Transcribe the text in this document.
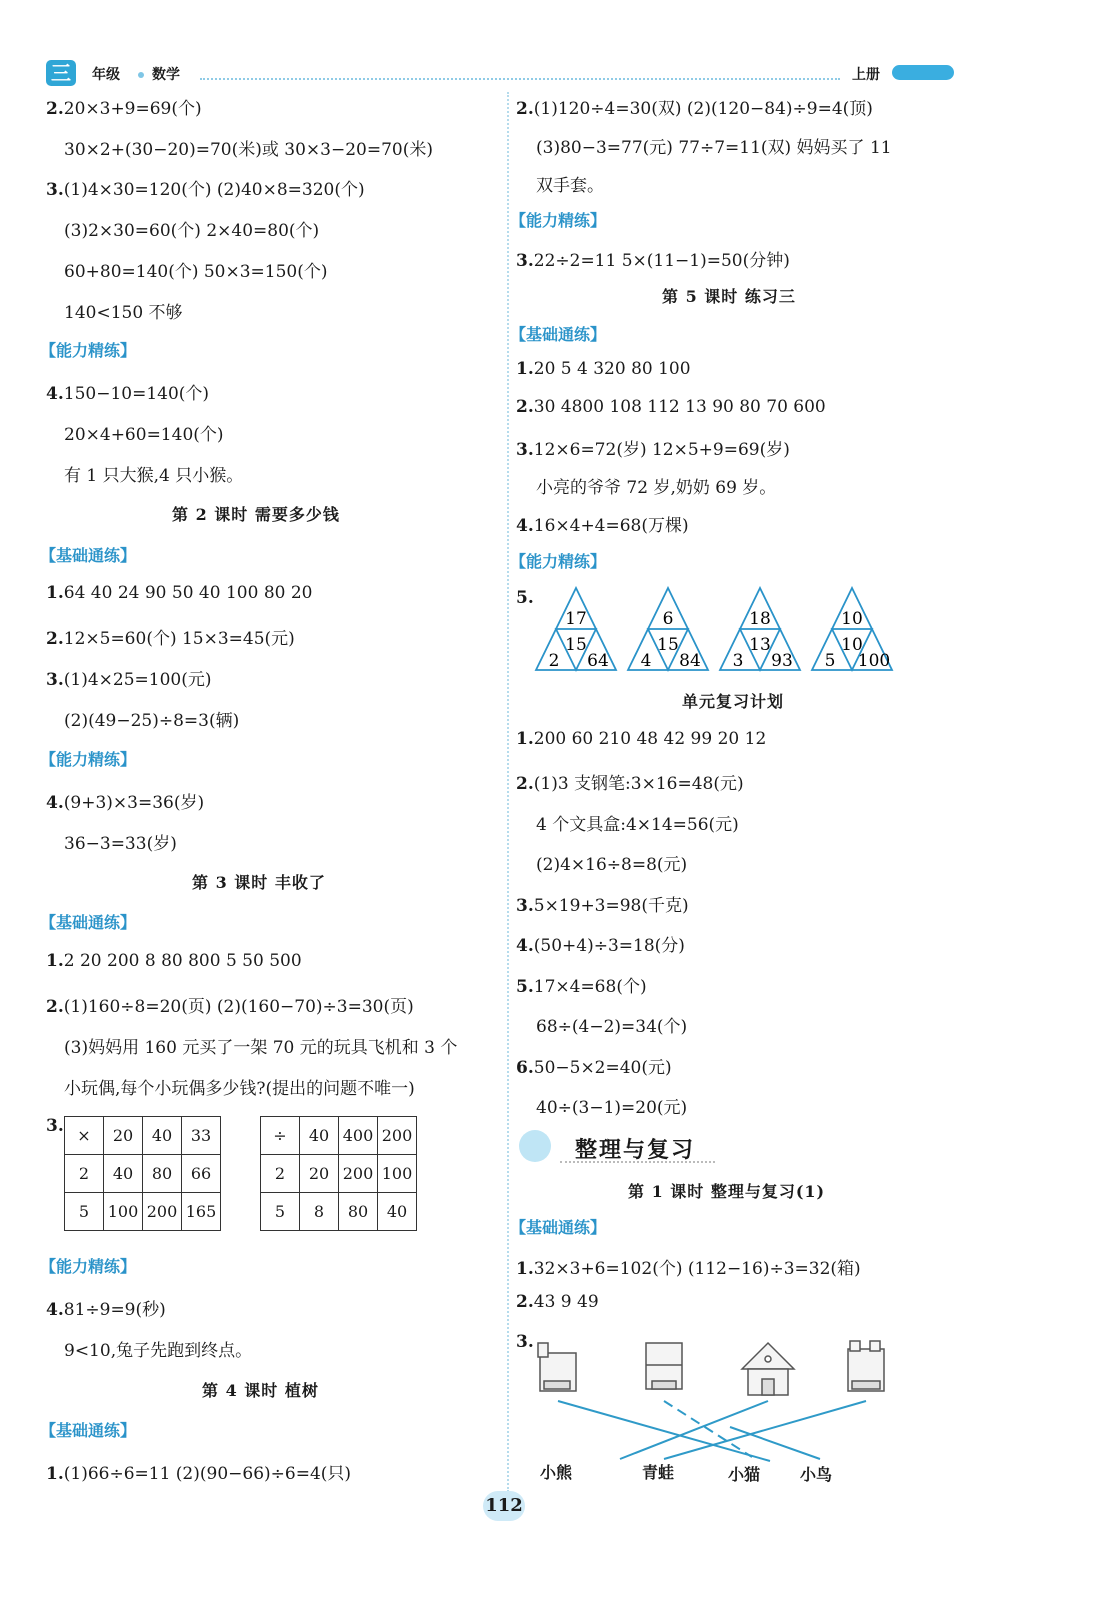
三	年级 数学	上册
2.20×3+9=69(个)
30×2+(30−20)=70(米)或 30×3−20=70(米)
3.(1)4×30=120(个) (2)40×8=320(个)
(3)2×30=60(个) 2×40=80(个)
60+80=140(个) 50×3=150(个)
140<150 不够
【能力精练】
4.150−10=140(个)
20×4+60=140(个)
有 1 只大猴,4 只小猴。
第 2 课时 需要多少钱
【基础通练】
1.64 40 24 90 50 40 100 80 20
2.12×5=60(个) 15×3=45(元)
3.(1)4×25=100(元)
(2)(49−25)÷8=3(辆)
【能力精练】
4.(9+3)×3=36(岁)
36−3=33(岁)
第 3 课时 丰收了
【基础通练】
1.2 20 200 8 80 800 5 50 500
2.(1)160÷8=20(页) (2)(160−70)÷3=30(页)
(3)妈妈用 160 元买了一架 70 元的玩具飞机和 3 个
小玩偶,每个小玩偶多少钱?(提出的问题不唯一)
3. ×	20	40	33
2	40	80	66
5	100	200	165
÷	40	400	200
2	20	200	100
5	8	80	40
【能力精练】
4.81÷9=9(秒)
9<10,兔子先跑到终点。
第 4 课时 植树
【基础通练】
1.(1)66÷6=11 (2)(90−66)÷6=4(只)
2.(1)120÷4=30(双) (2)(120−84)÷9=4(顶)
(3)80−3=77(元) 77÷7=11(双) 妈妈买了 11
双手套。
【能力精练】
3.22÷2=11 5×(11−1)=50(分钟)
第 5 课时 练习三
【基础通练】
1.20 5 4 320 80 100
2.30 4800 108 112 13 90 80 70 600
3.12×6=72(岁) 12×5+9=69(岁)
小亮的爷爷 72 岁,奶奶 69 岁。
4.16×4+4=68(万棵)
【能力精练】
5.
17
15
2 64
6
15
4 84
18
13
3 93
10
10
5 100
单元复习计划
1.200 60 210 48 42 99 20 12
2.(1)3 支钢笔:3×16=48(元)
4 个文具盒:4×14=56(元)
(2)4×16÷8=8(元)
3.5×19+3=98(千克)
4.(50+4)÷3=18(分)
5.17×4=68(个)
68÷(4−2)=34(个)
6.50−5×2=40(元)
40÷(3−1)=20(元)
整理与复习
第 1 课时 整理与复习(1)
【基础通练】
1.32×3+6=102(个) (112−16)÷3=32(箱)
2.43 9 49
3.
小熊	青蛙	小猫 小鸟
112
